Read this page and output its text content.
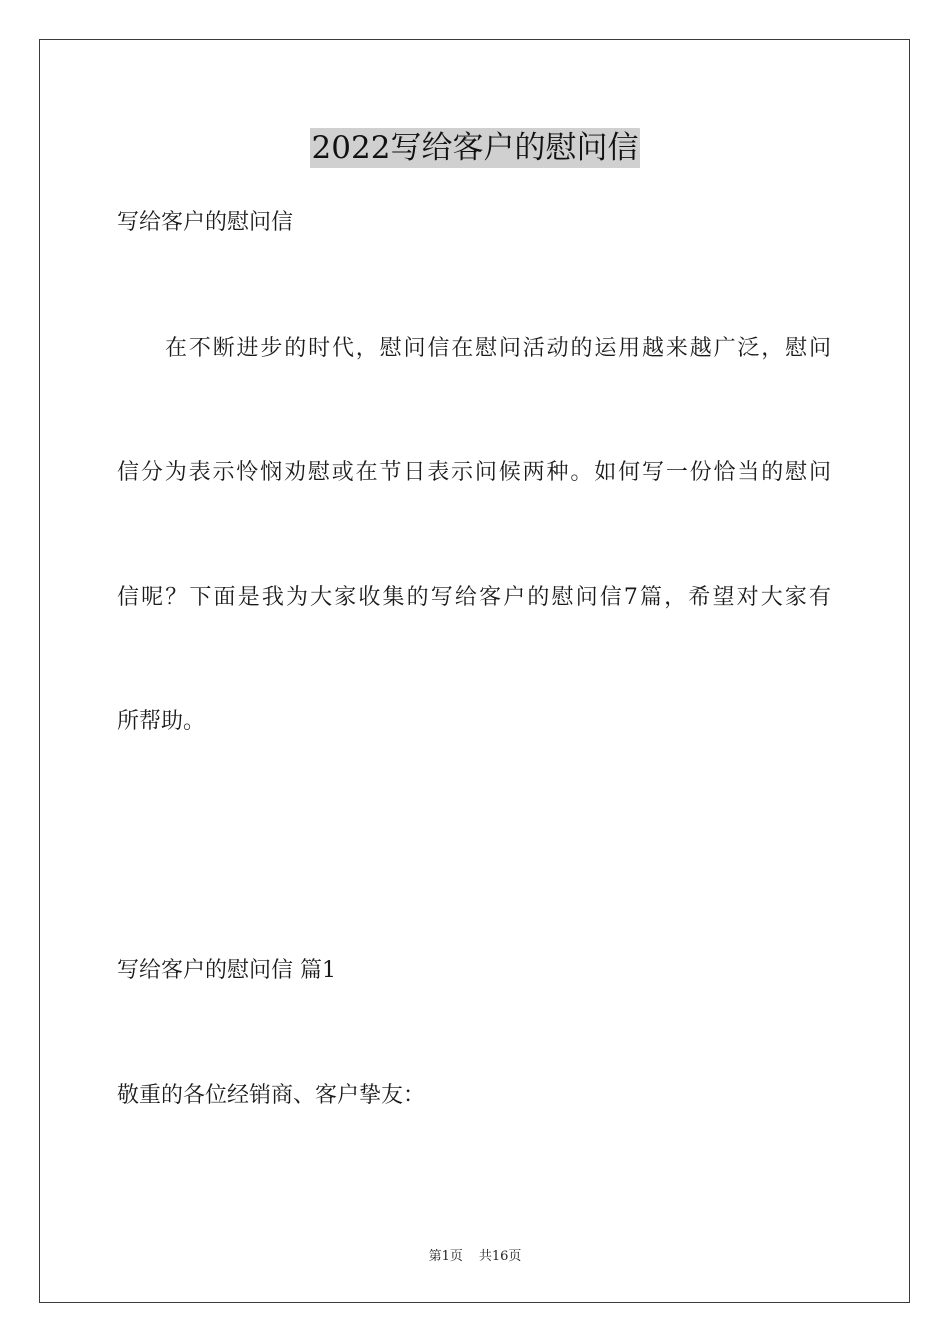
2022写给客户的慰问信
写给客户的慰问信
在不断进步的时代，慰问信在慰问活动的运用越来越广泛，慰问
信分为表示怜悯劝慰或在节日表示问候两种。如何写一份恰当的慰问
信呢？下面是我为大家收集的写给客户的慰问信7篇，希望对大家有
所帮助。
写给客户的慰问信 篇1
敬重的各位经销商、客户挚友：
第1页 共16页
